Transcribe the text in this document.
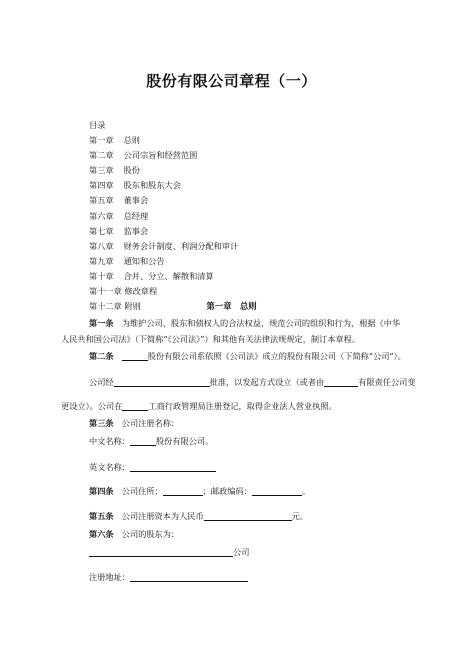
股份有限公司章程（一）
目录
第一章 总则
第二章 公司宗旨和经营范围
第三章 股份
第四章 股东和股东大会
第五章 董事会
第六章 总经理
第七章 监事会
第八章 财务会计制度、利润分配和审计
第九章 通知和公告
第十章 合并、分立、解散和清算
第十一章 修改章程
第十二章 附则	第一章　总则
第一条　 为维护公司、股东和债权人的合法权益，规范公司的组织和行为，根据《中华
人民共和国公司法》（下简称“《公司法》”）和其他有关法律法规规定，制订本章程。
第二条　	股份有限公司系依照《公司法》成立的股份有限公司（下简称“公司”）。
公司经	批准，以发起方式设立（或者由	有限责任公司变
更设立）。公司在	工商行政管理局注册登记，取得企业法人营业执照。
第三条　 公司注册名称：
中文名称：	股份有限公司。
英文名称：
第四条　 公司住所：	；邮政编码：	。
第五条　 公司注册资本为人民币	元。
第六条　 公司的股东为：
公司
注册地址：
